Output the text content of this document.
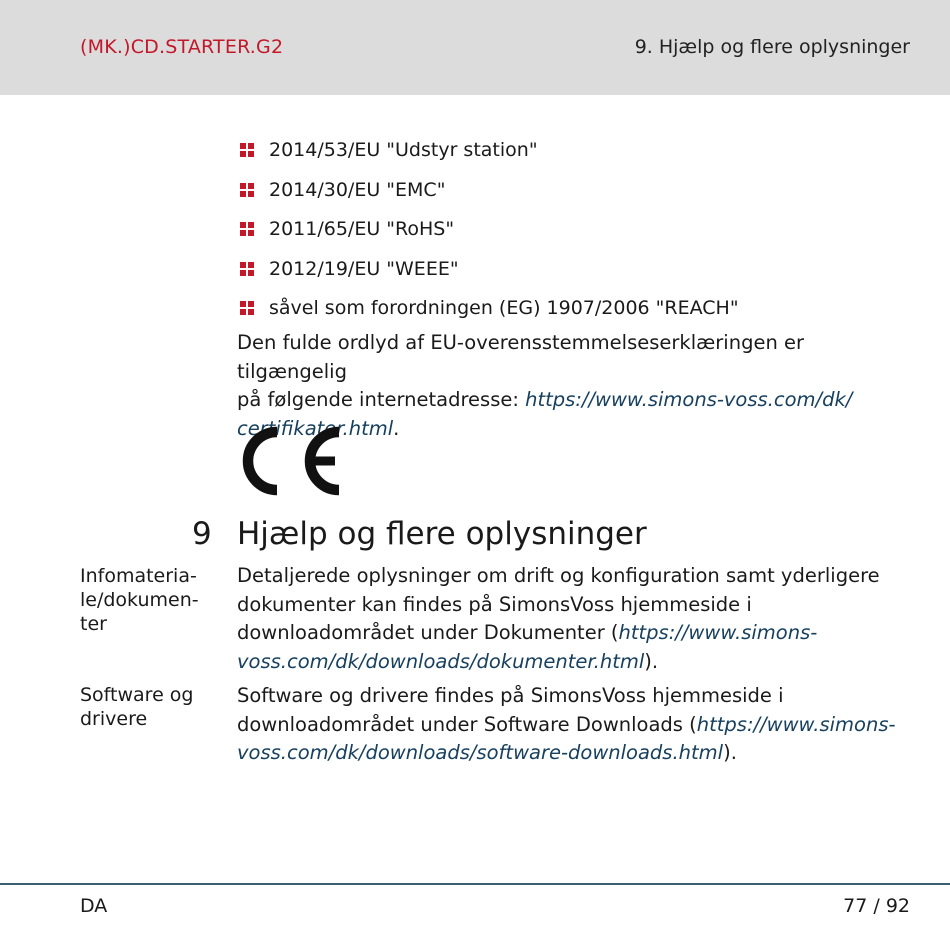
(MK.)CD.STARTER.G2	9. Hjælp og flere oplysninger
2014/53/EU "Udstyr station"
2014/30/EU "EMC"
2011/65/EU "RoHS"
2012/19/EU "WEEE"
såvel som forordningen (EG) 1907/2006 "REACH"

Den fulde ordlyd af EU-overensstemmelseserklæringen er tilgængelig
på følgende internetadresse: https://www.simons-voss.com/dk/
certifikater.html.

9 Hjælp og flere oplysninger
Infomateria-
le/dokumen-
ter

Detaljerede oplysninger om drift og konfiguration samt yderligere
dokumenter kan findes på SimonsVoss hjemmeside i
downloadområdet under Dokumenter (https://www.simons-
voss.com/dk/downloads/dokumenter.html).

Software og
drivere

Software og drivere findes på SimonsVoss hjemmeside i
downloadområdet under Software Downloads (https://www.simons-
voss.com/dk/downloads/software-downloads.html).

DA	77 / 92
